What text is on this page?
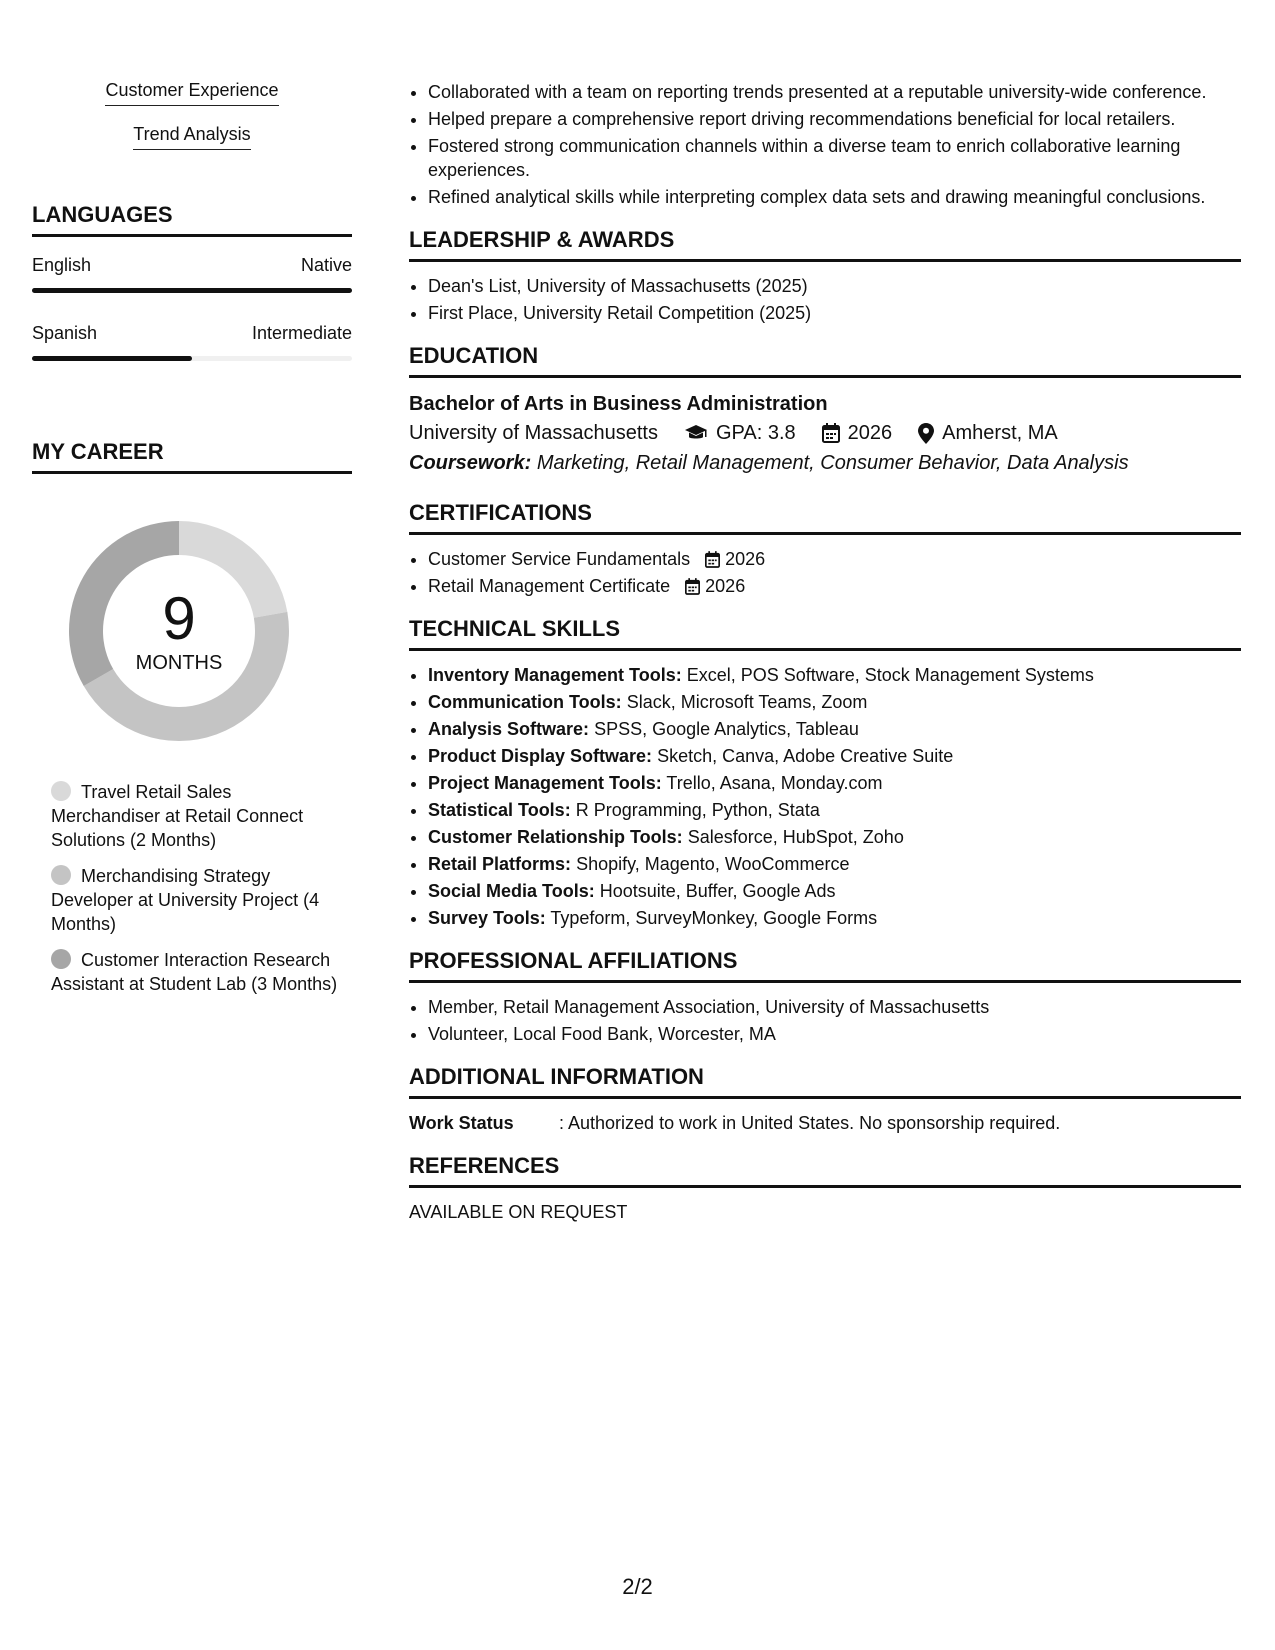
Customer Experience
Trend Analysis
LANGUAGES
English	Native
Spanish	Intermediate
MY CAREER
9
MONTHS
Travel Retail Sales Merchandiser at Retail Connect Solutions (2 Months)
Merchandising Strategy Developer at University Project (4 Months)
Customer Interaction Research Assistant at Student Lab (3 Months)
• Collaborated with a team on reporting trends presented at a reputable university-wide conference.
• Helped prepare a comprehensive report driving recommendations beneficial for local retailers.
• Fostered strong communication channels within a diverse team to enrich collaborative learning experiences.
• Refined analytical skills while interpreting complex data sets and drawing meaningful conclusions.
LEADERSHIP & AWARDS
• Dean's List, University of Massachusetts (2025)
• First Place, University Retail Competition (2025)
EDUCATION
Bachelor of Arts in Business Administration
University of Massachusetts	GPA: 3.8	2026	Amherst, MA
Coursework: Marketing, Retail Management, Consumer Behavior, Data Analysis
CERTIFICATIONS
• Customer Service Fundamentals 2026
• Retail Management Certificate 2026
TECHNICAL SKILLS
• Inventory Management Tools: Excel, POS Software, Stock Management Systems
• Communication Tools: Slack, Microsoft Teams, Zoom
• Analysis Software: SPSS, Google Analytics, Tableau
• Product Display Software: Sketch, Canva, Adobe Creative Suite
• Project Management Tools: Trello, Asana, Monday.com
• Statistical Tools: R Programming, Python, Stata
• Customer Relationship Tools: Salesforce, HubSpot, Zoho
• Retail Platforms: Shopify, Magento, WooCommerce
• Social Media Tools: Hootsuite, Buffer, Google Ads
• Survey Tools: Typeform, SurveyMonkey, Google Forms
PROFESSIONAL AFFILIATIONS
• Member, Retail Management Association, University of Massachusetts
• Volunteer, Local Food Bank, Worcester, MA
ADDITIONAL INFORMATION
Work Status	: Authorized to work in United States. No sponsorship required.
REFERENCES
AVAILABLE ON REQUEST
2/2
